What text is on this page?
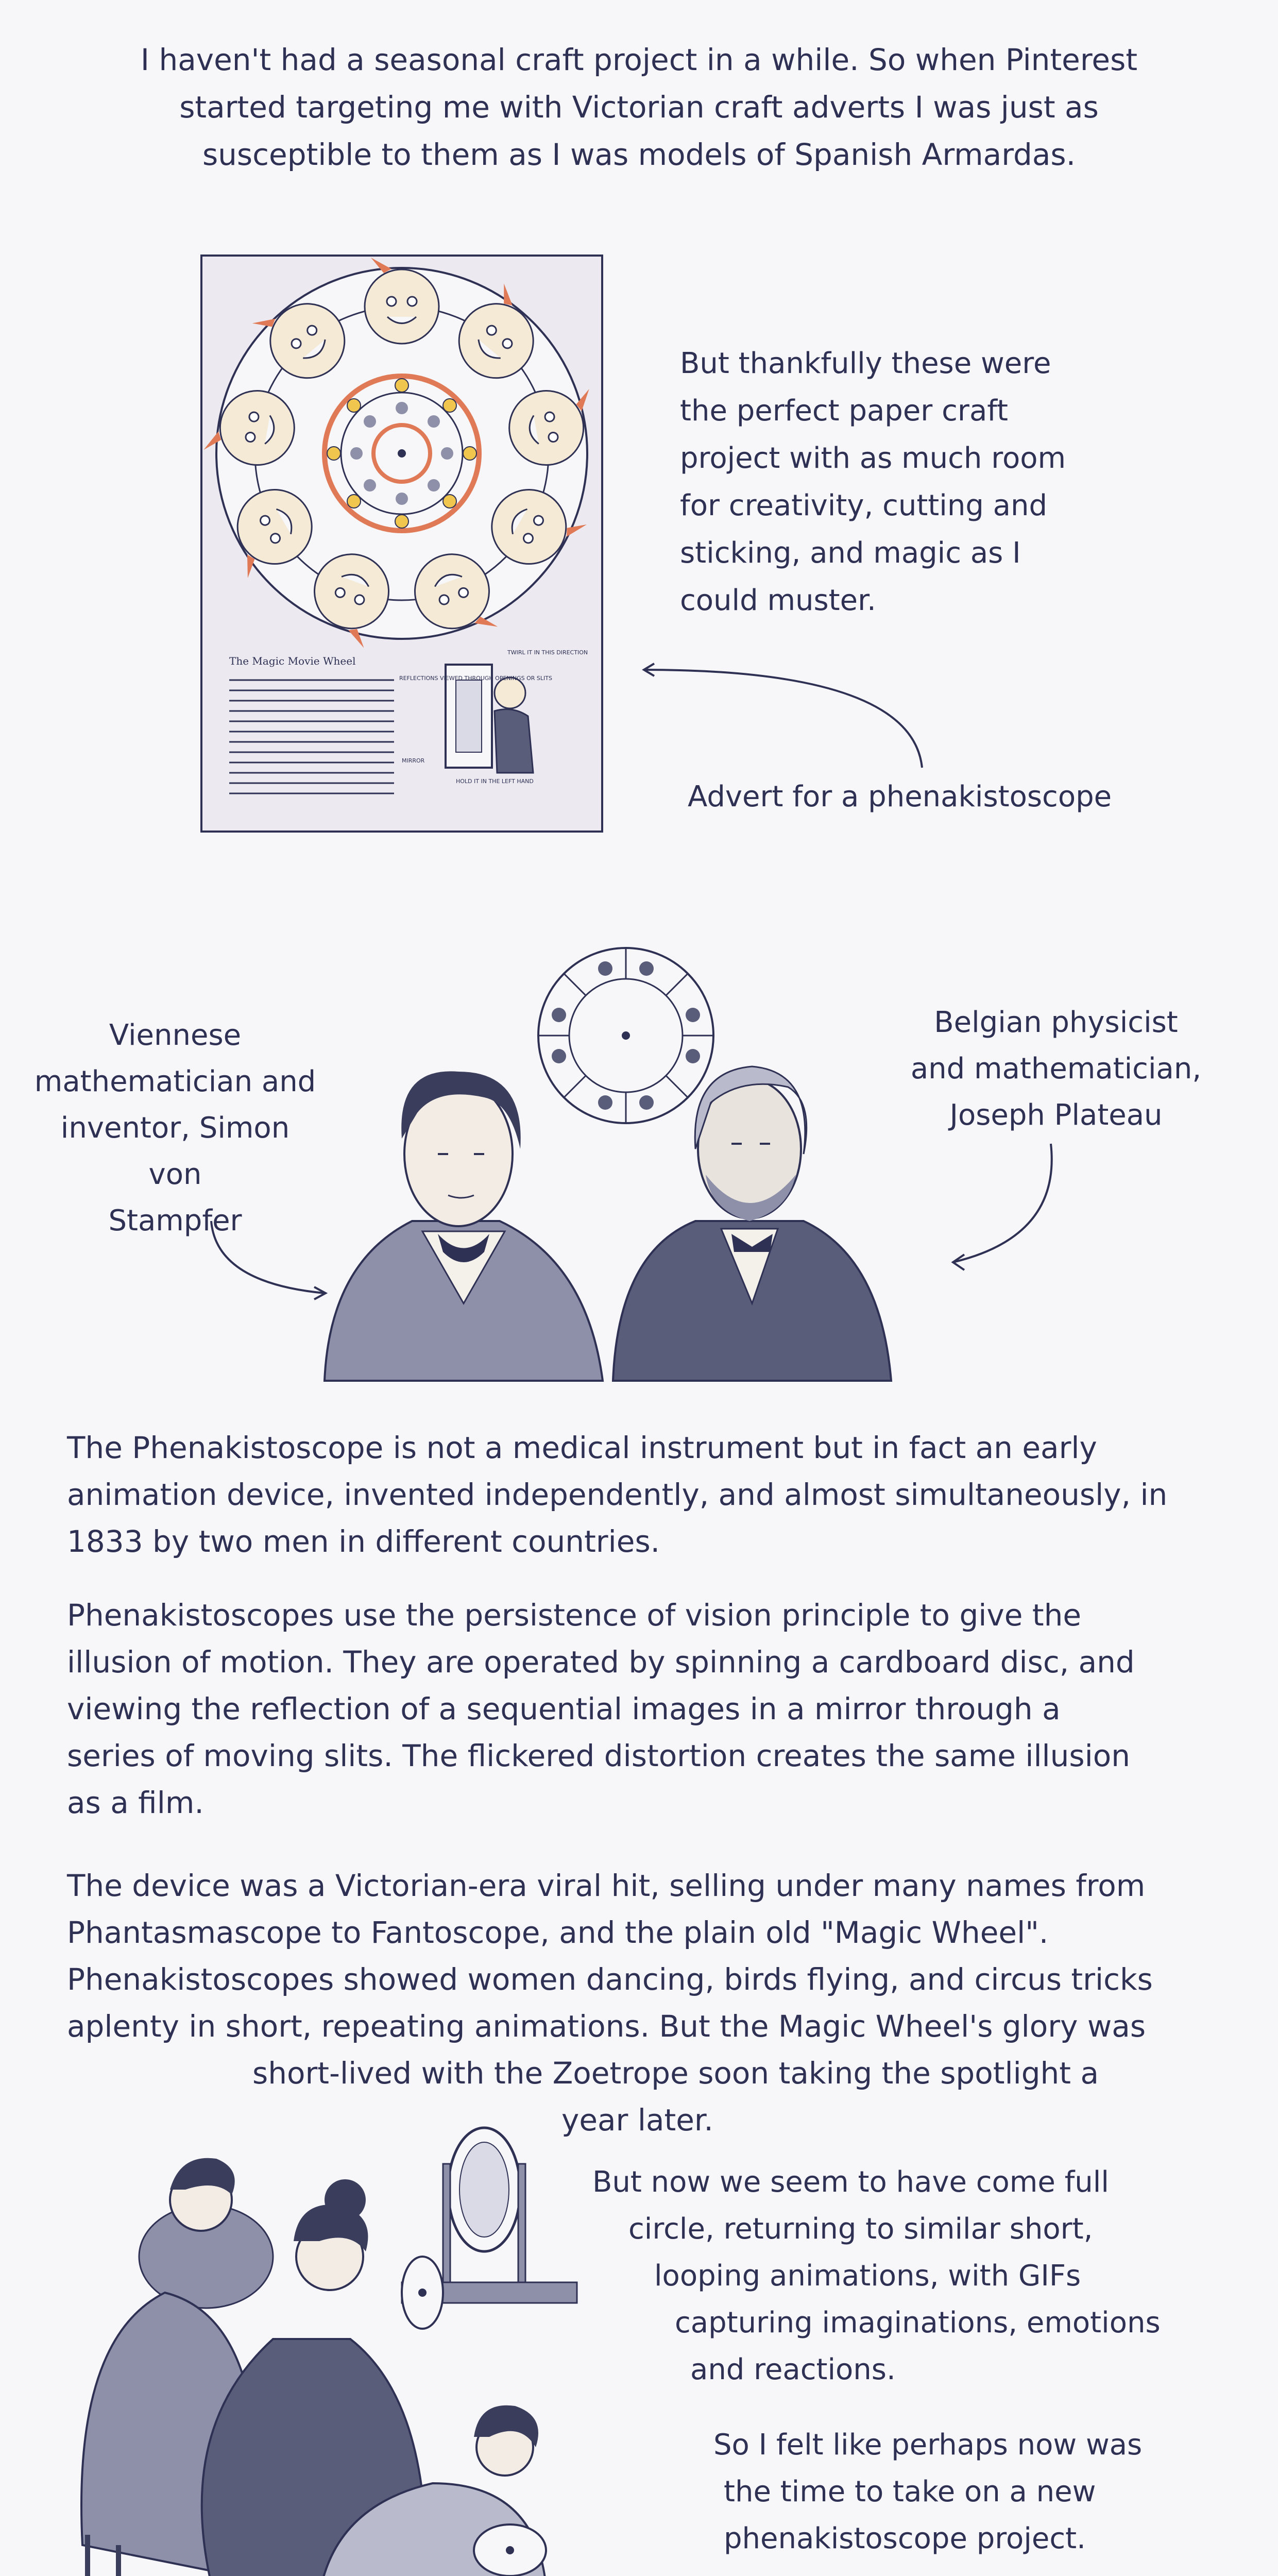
I haven't had a seasonal craft project in a while. So when Pinterest
started targeting me with Victorian craft adverts I was just as
susceptible to them as I was models of Spanish Armardas.
The Magic Movie Wheel
REFLECTIONS VIEWED THROUGH OPENINGS OR SLITS
TWIRL IT IN THIS DIRECTION
MIRROR
HOLD IT IN THE LEFT HAND
But thankfully these were
the perfect paper craft
project with as much room
for creativity, cutting and
sticking, and magic as I
could muster.
Advert for a phenakistoscope
Viennese
mathematician and
inventor, Simon von
Stampfer
Belgian physicist
and mathematician,
Joseph Plateau
The Phenakistoscope is not a medical instrument but in fact an early
animation device, invented independently, and almost simultaneously, in
1833 by two men in different countries.
Phenakistoscopes use the persistence of vision principle to give the
illusion of motion. They are operated by spinning a cardboard disc, and
viewing the reflection of a sequential images in a mirror through a
series of moving slits. The flickered distortion creates the same illusion
as a film.
The device was a Victorian-era viral hit, selling under many names from
Phantasmascope to Fantoscope, and the plain old "Magic Wheel".
Phenakistoscopes showed women dancing, birds flying, and circus tricks
aplenty in short, repeating animations. But the Magic Wheel's glory was
short-lived with the Zoetrope soon taking the spotlight a
year later.
But now we seem to have come full
circle, returning to similar short,
looping animations, with GIFs
capturing imaginations, emotions
and reactions.
So I felt like perhaps now was
the time to take on a new
phenakistoscope project.
